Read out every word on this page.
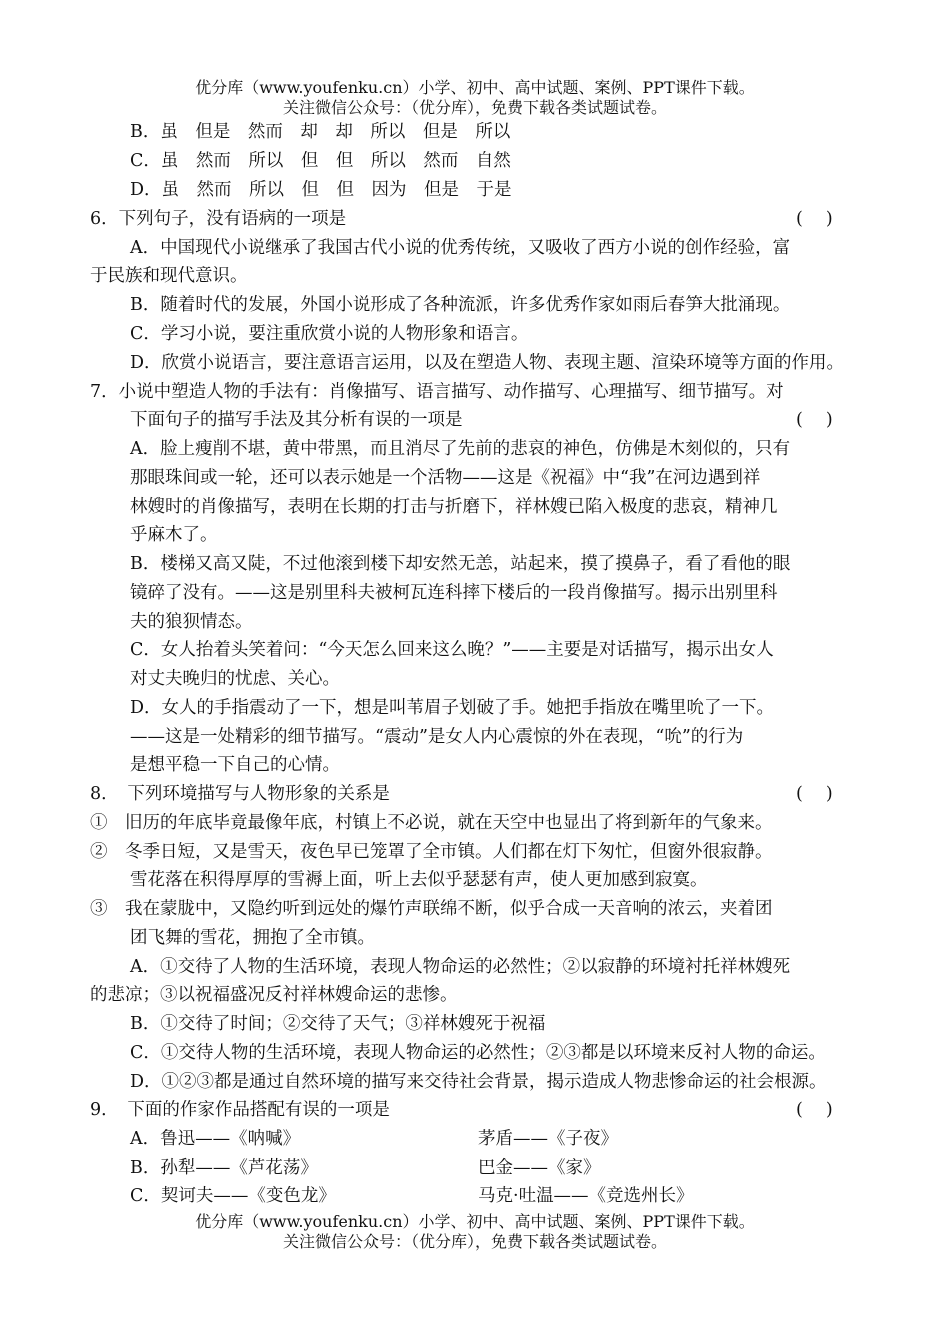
优分库（www.youfenku.cn）小学、初中、高中试题、案例、PPT课件下载。
关注微信公众号：（优分库），免费下载各类试题试卷。
B．虽　但是　然而　却　却　所以　但是　所以
C．虽　然而　所以　但　但　所以　然而　自然
D．虽　然而　所以　但　但　因为　但是　于是
6．下列句子，没有语病的一项是	(　 )
A．中国现代小说继承了我国古代小说的优秀传统，又吸收了西方小说的创作经验，富
于民族和现代意识。
B．随着时代的发展，外国小说形成了各种流派，许多优秀作家如雨后春笋大批涌现。
C．学习小说，要注重欣赏小说的人物形象和语言。
D．欣赏小说语言，要注意语言运用，以及在塑造人物、表现主题、渲染环境等方面的作用。
7．小说中塑造人物的手法有：肖像描写、语言描写、动作描写、心理描写、细节描写。对
下面句子的描写手法及其分析有误的一项是	(　 )
A．脸上瘦削不堪，黄中带黑，而且消尽了先前的悲哀的神色，仿佛是木刻似的，只有
那眼珠间或一轮，还可以表示她是一个活物——这是《祝福》中“我”在河边遇到祥
林嫂时的肖像描写，表明在长期的打击与折磨下，祥林嫂已陷入极度的悲哀，精神几
乎麻木了。
B．楼梯又高又陡，不过他滚到楼下却安然无恙，站起来，摸了摸鼻子，看了看他的眼
镜碎了没有。——这是别里科夫被柯瓦连科摔下楼后的一段肖像描写。揭示出别里科
夫的狼狈情态。
C．女人抬着头笑着问：“今天怎么回来这么晚？”——主要是对话描写，揭示出女人
对丈夫晚归的忧虑、关心。
D．女人的手指震动了一下，想是叫苇眉子划破了手。她把手指放在嘴里吮了一下。
——这是一处精彩的细节描写。“震动”是女人内心震惊的外在表现，“吮”的行为
是想平稳一下自己的心情。
8．　下列环境描写与人物形象的关系是	(　 )
①　旧历的年底毕竟最像年底，村镇上不必说，就在天空中也显出了将到新年的气象来。
②　冬季日短，又是雪天，夜色早已笼罩了全市镇。人们都在灯下匆忙，但窗外很寂静。
雪花落在积得厚厚的雪褥上面，听上去似乎瑟瑟有声，使人更加感到寂寞。
③　我在蒙胧中，又隐约听到远处的爆竹声联绵不断，似乎合成一天音响的浓云，夹着团
团飞舞的雪花，拥抱了全市镇。
A．①交待了人物的生活环境，表现人物命运的必然性；②以寂静的环境衬托祥林嫂死
的悲凉；③以祝福盛况反衬祥林嫂命运的悲惨。
B．①交待了时间；②交待了天气；③祥林嫂死于祝福
C．①交待人物的生活环境，表现人物命运的必然性；②③都是以环境来反衬人物的命运。
D．①②③都是通过自然环境的描写来交待社会背景，揭示造成人物悲惨命运的社会根源。
9．　下面的作家作品搭配有误的一项是	(　 )
A．鲁迅——《呐喊》	茅盾——《子夜》
B．孙犁——《芦花荡》	巴金——《家》
C．契诃夫——《变色龙》	马克·吐温——《竞选州长》
优分库（www.youfenku.cn）小学、初中、高中试题、案例、PPT课件下载。
关注微信公众号：（优分库），免费下载各类试题试卷。
